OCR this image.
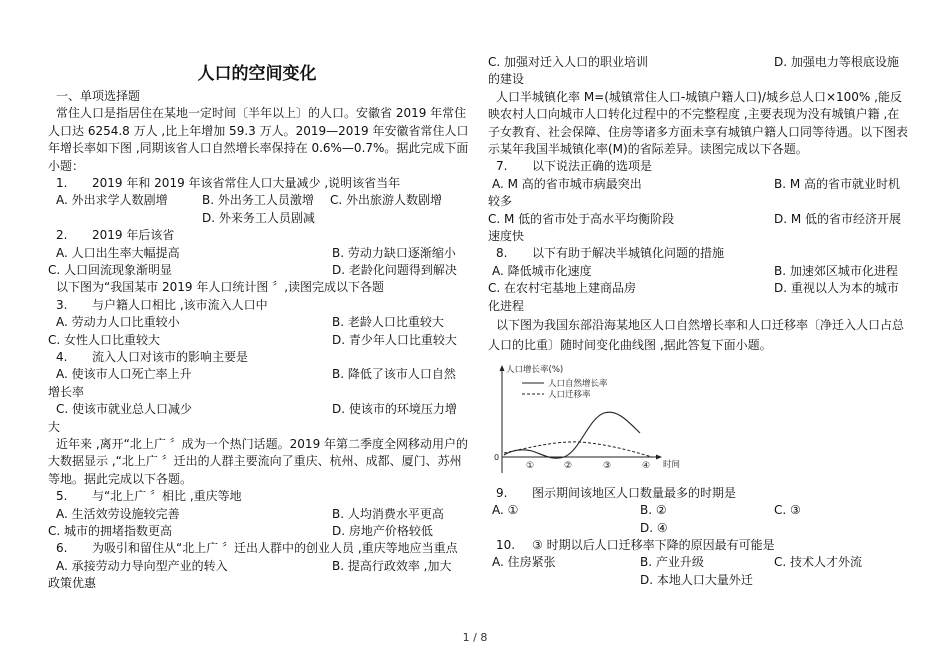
人口的空间变化

一、单项选择题

常住人口是指居住在某地一定时间〔半年以上〕的人口。安徽省 2019 年常住

人口达 6254.8 万人 ,比上年增加 59.3 万人。2019—2019 年安徽省常住人口

年增长率如下图 ,同期该省人口自然增长率保持在 0.6%—0.7%。据此完成下面

小题：

1. 2019 年和 2019 年该省常住人口大量减少 ,说明该省当年
A. 外出求学人数剧增	B. 外出务工人员激增 C. 外出旅游人数剧增
D. 外来务工人员剧减
2. 2019 年后该省
A. 人口出生率大幅提高	B. 劳动力缺口逐渐缩小
C. 人口回流现象渐明显	D. 老龄化问题得到解决

以下图为“我国某市 2019 年人口统计图 〞,读图完成以下各题

3. 与户籍人口相比 ,该市流入人口中
A. 劳动力人口比重较小	B. 老龄人口比重较大
C. 女性人口比重较大	D. 青少年人口比重较大
4. 流入人口对该市的影响主要是
A. 使该市人口死亡率上升	B. 降低了该市人口自然
增长率
C. 使该市就业总人口减少	D. 使该市的环境压力增
大

近年来 ,离开“北上广 〞成为一个热门话题。2019 年第二季度全网移动用户的

大数据显示 ,“北上广 〞迁出的人群主要流向了重庆、杭州、成都、厦门、苏州

等地。据此完成以下各题。

5. 与“北上广 〞相比 ,重庆等地
A. 生活效劳设施较完善	B. 人均消费水平更高
C. 城市的拥堵指数更高	D. 房地产价格较低
6. 为吸引和留住从“北上广 〞迁出人群中的创业人员 ,重庆等地应当重点
A. 承接劳动力导向型产业的转入	B. 提高行政效率 ,加大
政策优惠
C. 加强对迁入人口的职业培训	D. 加强电力等根底设施
的建设

人口半城镇化率 M=(城镇常住人口-城镇户籍人口)/城乡总人口×100% ,能反

映农村人口向城市人口转化过程中的不完整程度 ,主要表现为没有城镇户籍 ,在

子女教育、社会保障、住房等诸多方面未享有城镇户籍人口同等待遇。以下图表

示某年我国半城镇化率(M)的省际差异。读图完成以下各题。

7. 以下说法正确的选项是
A. M 高的省市城市病最突出	B. M 高的省市就业时机
较多
C. M 低的省市处于高水平均衡阶段	D. M 低的省市经济开展
速度快
8. 以下有助于解决半城镇化问题的措施
A. 降低城市化速度	B. 加速郊区城市化进程
C. 在农村宅基地上建商品房	D. 重视以人为本的城市
化进程

以下图为我国东部沿海某地区人口自然增长率和人口迁移率〔净迁入人口占总

人口的比重〕随时间变化曲线图 ,据此答复下面小题。

人口增长率(%)
时间
0
人口自然增长率
人口迁移率
①	②	③	④
9. 图示期间该地区人口数量最多的时期是
A. ①	B. ②	C. ③
D. ④
10. ③ 时期以后人口迁移率下降的原因最有可能是
A. 住房紧张	B. 产业升级	C. 技术人才外流
D. 本地人口大量外迁
1 / 8
